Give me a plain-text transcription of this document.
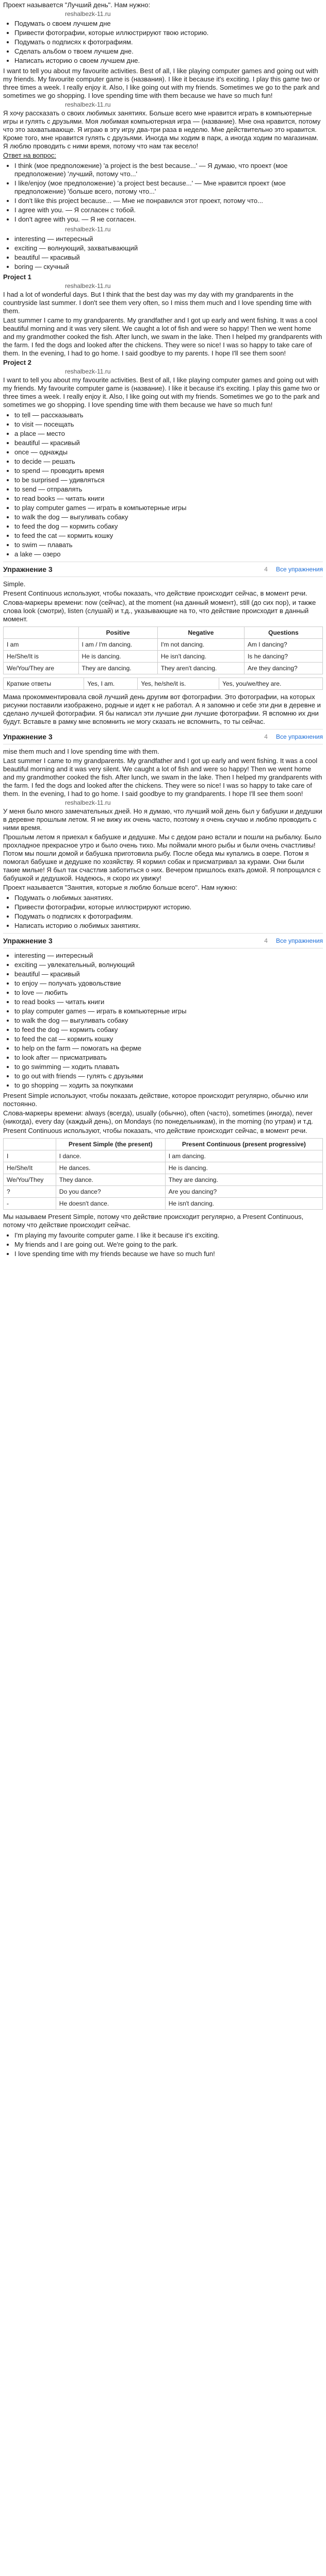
Проект называется "Лучший день". Нам нужно:

reshalbezk-11.ru
• Подумать о своем лучшем дне
• Привести фотографии, которые иллюстрируют твою историю.
• Подумать о подписях к фотографиям.
• Сделать альбом о твоем лучшем дне.
• Написать историю о своем лучшем дне.

I want to tell you about my favourite activities. Best of all, I like playing computer games and going out with my friends. My favourite computer game is (названия). I like it because it's exciting. I play this game two or three times a week. I really enjoy it. Also, I like going out with my friends. Sometimes we go to the park and sometimes we go shopping. I love spending time with them because we have so much fun!

reshalbezk-11.ru

Я хочу рассказать о своих любимых занятиях. Больше всего мне нравится играть в компьютерные игры и гулять с друзьями. Моя любимая компьютерная игра — (название). Мне она нравится, потому что это захватывающе. Я играю в эту игру два-три раза в неделю. Мне действительно это нравится. Кроме того, мне нравится гулять с друзьями. Иногда мы ходим в парк, а иногда ходим по магазинам. Я люблю проводить с ними время, потому что нам так весело!

Ответ на вопрос:

• I think (мое предположение) 'a project is the best because...' — Я думаю, что проект (мое предположение) 'лучший, потому что...'
• I like/enjoy (мое предположение) 'a project best because...' — Мне нравится проект (мое предположение) 'больше всего, потому что...'
• I don't like this project because... — Мне не понравился этот проект, потому что...
• I agree with you. — Я согласен с тобой.
• I don't agree with you. — Я не согласен.
reshalbezk-11.ru
• interesting — интересный
• exciting — волнующий, захватывающий
• beautiful — красивый
• boring — скучный

Project 1

reshalbezk-11.ru

I had a lot of wonderful days. But I think that the best day was my day with my grandparents in the countryside last summer. I don't see them very often, so I miss them much and I love spending time with them.

Last summer I came to my grandparents. My grandfather and I got up early and went fishing. It was a cool beautiful morning and it was very silent. We caught a lot of fish and were so happy! Then we went home and my grandmother cooked the fish. After lunch, we swam in the lake. Then I helped my grandparents with the farm. I fed the dogs and looked after the chickens. They were so nice! I was so happy to take care of them. In the evening, I had to go home. I said goodbye to my parents. I hope I'll see them soon!

Project 2

reshalbezk-11.ru

I want to tell you about my favourite activities. Best of all, I like playing computer games and going out with my friends. My favourite computer game is (название). I like it because it's exciting. I play this game two or three times a week. I really enjoy it. Also, I like going out with my friends. Sometimes we go to the park and sometimes we go shopping. I love spending time with them because we have so much fun!

• to tell — рассказывать
• to visit — посещать
• a place — место
• beautiful — красивый
• once — однажды
• to decide — решать
• to spend — проводить время
• to be surprised — удивляться
• to send — отправлять
• to read books — читать книги
• to play computer games — играть в компьютерные игры
• to walk the dog — выгуливать собаку
• to feed the dog — кормить собаку
• to feed the cat — кормить кошку
• to swim — плавать
• a lake — озеро
Упражнение 3	4 Все упражнения

Simple.

Present Continuous используют, чтобы показать, что действие происходит сейчас, в момент речи.

Слова-маркеры времени: now (сейчас), at the moment (на данный момент), still (до сих пор), и также слова look (смотри), listen (слушай) и т.д., указывающие на то, что действие происходит в данный момент.

	Positive	Negative	Questions
I am	I am / I'm dancing.	I'm not dancing.	Am I dancing?
He/She/It is	He is dancing.	He isn't dancing.	Is he dancing?
We/You/They are	They are dancing.	They aren't dancing.	Are they dancing?
Краткие ответы	Yes, I am.	Yes, he/she/it is.	Yes, you/we/they are.

Мама прокомментировала свой лучший день другим вот фотографии. Это фотографии, на которых рисунки поставили изображено, родные и идет к не работал. А я запомню и себе эти дни в деревне и сделано лучшей фотографии. Я бы написал эти лучшие дни лучшие фотографии. Я вспомню их дни будут. Вставьте в рамку мне вспомнить не могу сказать не вспомнить, то ты сейчас.

Упражнение 3	4 Все упражнения

mise them much and I love spending time with them.

Last summer I came to my grandparents. My grandfather and I got up early and went fishing. It was a cool beautiful morning and it was very silent. We caught a lot of fish and were so happy! Then we went home and my grandmother cooked the fish. After lunch, we swam in the lake. Then I helped my grandparents with the farm. I fed the dogs and looked after the chickens. They were so nice! I was so happy to take care of them. In the evening, I had to go home. I said goodbye to my grandparents. I hope I'll see them soon!

reshalbezk-11.ru

У меня было много замечательных дней. Но я думаю, что лучший мой день был у бабушки и дедушки в деревне прошлым летом. Я не вижу их очень часто, поэтому я очень скучаю и люблю проводить с ними время.

Прошлым летом я приехал к бабушке и дедушке. Мы с дедом рано встали и пошли на рыбалку. Было прохладное прекрасное утро и было очень тихо. Мы поймали много рыбы и были очень счастливы! Потом мы пошли домой и бабушка приготовила рыбу. После обеда мы купались в озере. Потом я помогал бабушке и дедушке по хозяйству. Я кормил собак и присматривал за курами. Они были такие милые! Я был так счастлив заботиться о них. Вечером пришлось ехать домой. Я попрощался с бабушкой и дедушкой. Надеюсь, я скоро их увижу!

Проект называется "Занятия, которые я люблю больше всего". Нам нужно:

• Подумать о любимых занятиях.
• Привести фотографии, которые иллюстрируют историю.
• Подумать о подписях к фотографиям.
• Написать историю о любимых занятиях.
Упражнение 3	4 Все упражнения
• interesting — интересный
• exciting — увлекательный, волнующий
• beautiful — красивый
• to enjoy — получать удовольствие
• to love — любить
• to read books — читать книги
• to play computer games — играть в компьютерные игры
• to walk the dog — выгуливать собаку
• to feed the dog — кормить собаку
• to feed the cat — кормить кошку
• to help on the farm — помогать на ферме
• to look after — присматривать
• to go swimming — ходить плавать
• to go out with friends — гулять с друзьями
• to go shopping — ходить за покупками

Present Simple используют, чтобы показать действие, которое происходит регулярно, обычно или постоянно.

Слова-маркеры времени: always (всегда), usually (обычно), often (часто), sometimes (иногда), never (никогда), every day (каждый день), on Mondays (по понедельникам), in the morning (по утрам) и т.д.

Present Continuous используют, чтобы показать, что действие происходит сейчас, в момент речи.

	Present Simple (the present)	Present Continuous (present progressive)
I	I dance.	I am dancing.
He/She/It	He dances.	He is dancing.
We/You/They	They dance.	They are dancing.
?	Do you dance?	Are you dancing?
-	He doesn't dance.	He isn't dancing.

Мы называем Present Simple, потому что действие происходит регулярно, а Present Continuous, потому что действие происходит сейчас.

• I'm playing my favourite computer game. I like it because it's exciting.
• My friends and I are going out. We're going to the park.
• I love spending time with my friends because we have so much fun!
